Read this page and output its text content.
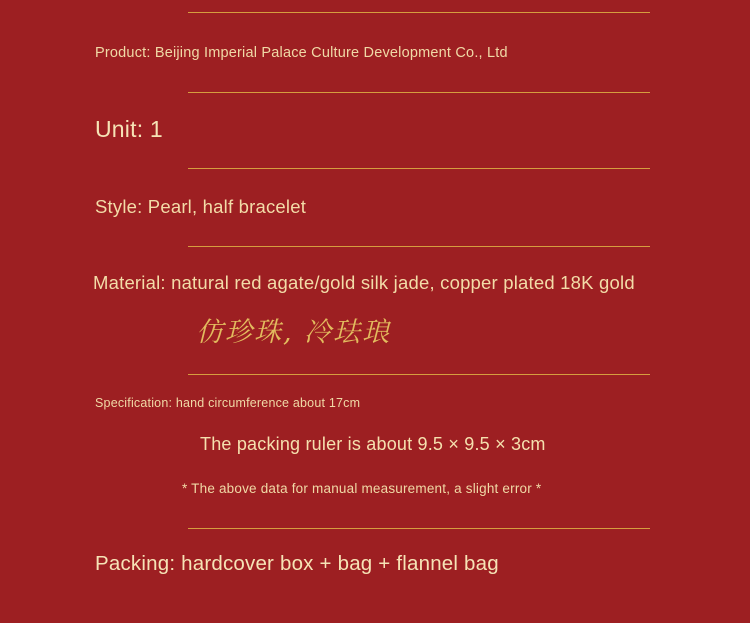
Product: Beijing Imperial Palace Culture Development Co., Ltd
Unit: 1
Style: Pearl, half bracelet
Material: natural red agate/gold silk jade, copper plated 18K gold
仿珍珠, 冷珐琅
Specification: hand circumference about 17cm
The packing ruler is about 9.5 × 9.5 × 3cm
* The above data for manual measurement, a slight error *
Packing: hardcover box + bag + flannel bag
